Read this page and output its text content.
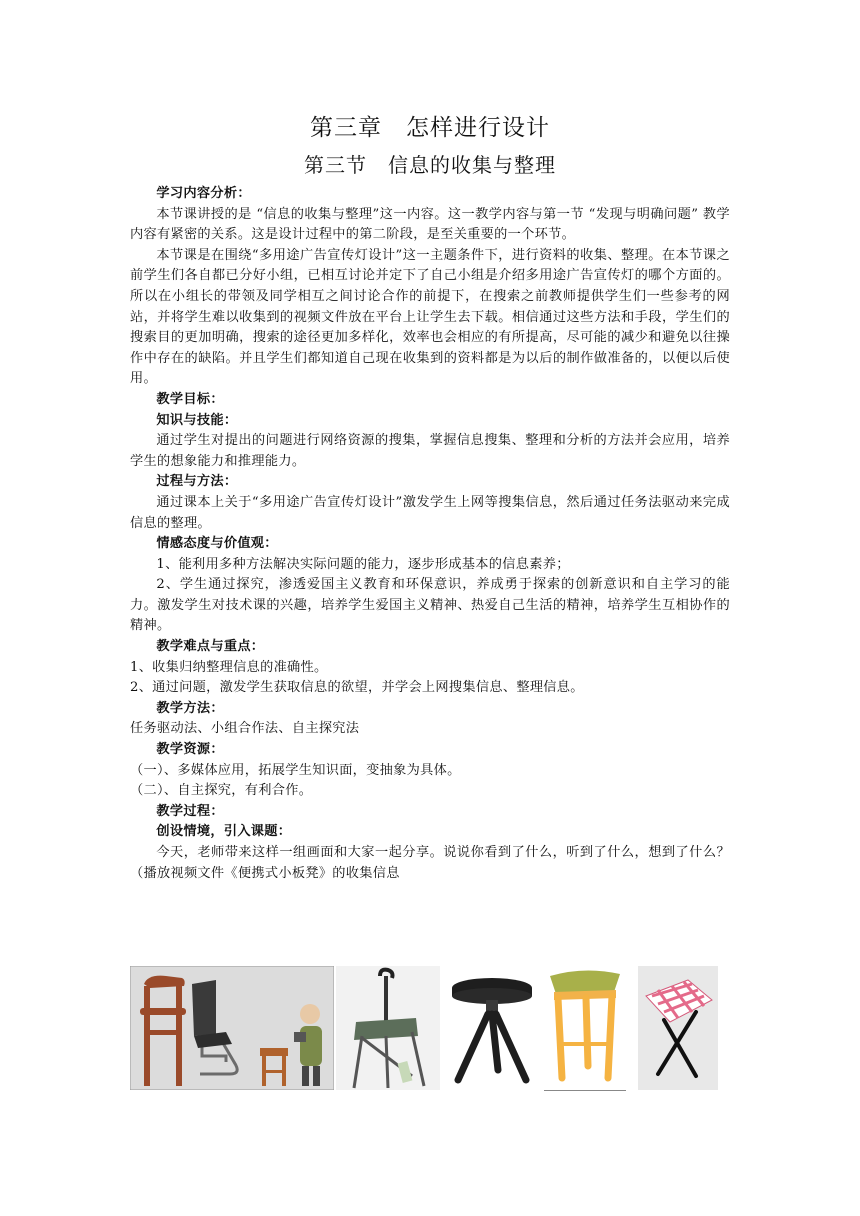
第三章　怎样进行设计
第三节　信息的收集与整理
学习内容分析：
本节课讲授的是 “信息的收集与整理”这一内容。这一教学内容与第一节 “发现与明确问题” 教学内容有紧密的关系。这是设计过程中的第二阶段，是至关重要的一个环节。
本节课是在围绕“多用途广告宣传灯设计”这一主题条件下，进行资料的收集、整理。在本节课之前学生们各自都已分好小组，已相互讨论并定下了自己小组是介绍多用途广告宣传灯的哪个方面的。所以在小组长的带领及同学相互之间讨论合作的前提下，在搜索之前教师提供学生们一些参考的网站，并将学生难以收集到的视频文件放在平台上让学生去下载。相信通过这些方法和手段，学生们的搜索目的更加明确，搜索的途径更加多样化，效率也会相应的有所提高，尽可能的减少和避免以往操作中存在的缺陷。并且学生们都知道自己现在收集到的资料都是为以后的制作做准备的，以便以后使用。
教学目标：
知识与技能：
通过学生对提出的问题进行网络资源的搜集，掌握信息搜集、整理和分析的方法并会应用，培养学生的想象能力和推理能力。
过程与方法：
通过课本上关于“多用途广告宣传灯设计”激发学生上网等搜集信息，然后通过任务法驱动来完成信息的整理。
情感态度与价值观：
1、能利用多种方法解决实际问题的能力，逐步形成基本的信息素养；
2、学生通过探究，渗透爱国主义教育和环保意识，养成勇于探索的创新意识和自主学习的能力。激发学生对技术课的兴趣，培养学生爱国主义精神、热爱自己生活的精神，培养学生互相协作的精神。
教学难点与重点：
1、收集归纳整理信息的准确性。
2、通过问题，激发学生获取信息的欲望，并学会上网搜集信息、整理信息。
教学方法：
任务驱动法、小组合作法、自主探究法
教学资源：
（一）、多媒体应用，拓展学生知识面，变抽象为具体。
（二）、自主探究，有利合作。
教学过程：
创设情境，引入课题：
今天，老师带来这样一组画面和大家一起分享。说说你看到了什么，听到了什么，想到了什么？（播放视频文件《便携式小板凳》的收集信息
